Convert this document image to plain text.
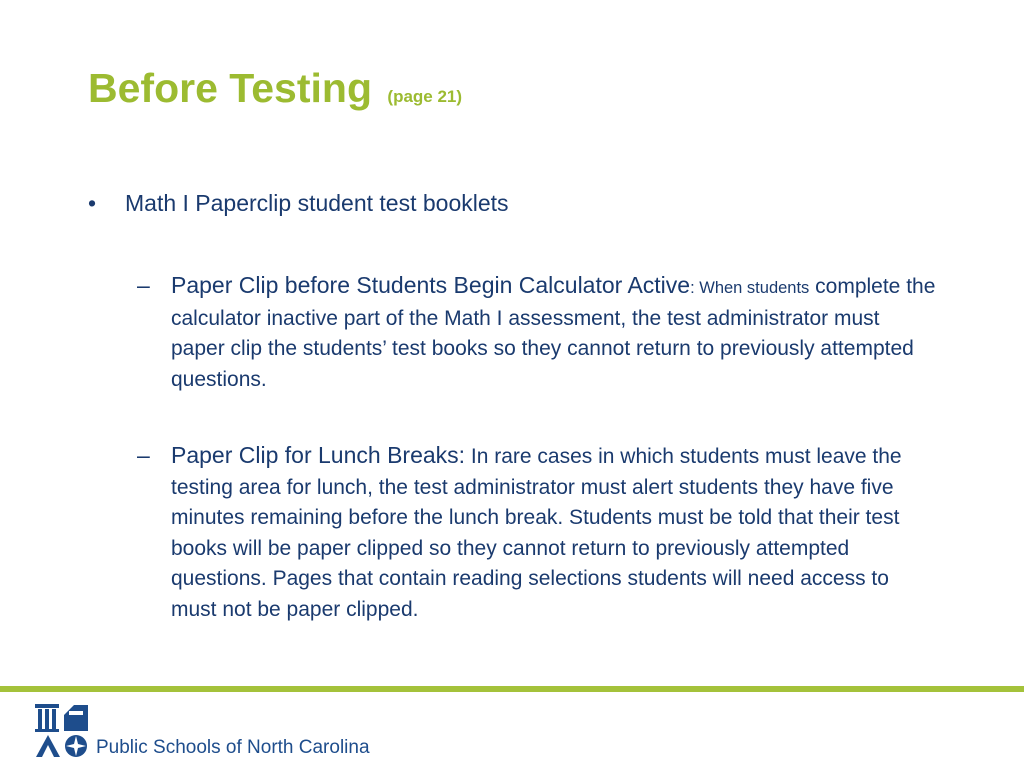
Before Testing (page 21)
• Math I Paperclip student test booklets
– Paper Clip before Students Begin Calculator Active: When students complete the calculator inactive part of the Math I assessment, the test administrator must paper clip the students’ test books so they cannot return to previously attempted questions.
– Paper Clip for Lunch Breaks: In rare cases in which students must leave the testing area for lunch, the test administrator must alert students they have five minutes remaining before the lunch break. Students must be told that their test books will be paper clipped so they cannot return to previously attempted questions. Pages that contain reading selections students will need access to must not be paper clipped.
Public Schools of North Carolina
